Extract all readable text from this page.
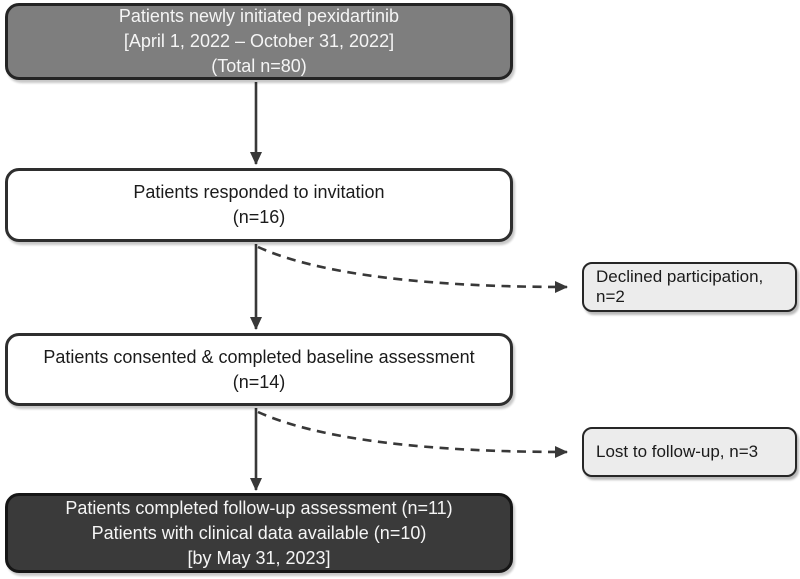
Patients newly initiated pexidartinib
[April 1, 2022 – October 31, 2022]
(Total n=80)
Patients responded to invitation
(n=16)
Patients consented & completed baseline assessment
(n=14)
Patients completed follow-up assessment (n=11)
Patients with clinical data available (n=10)
[by May 31, 2023]
Declined participation, n=2
Lost to follow-up, n=3
